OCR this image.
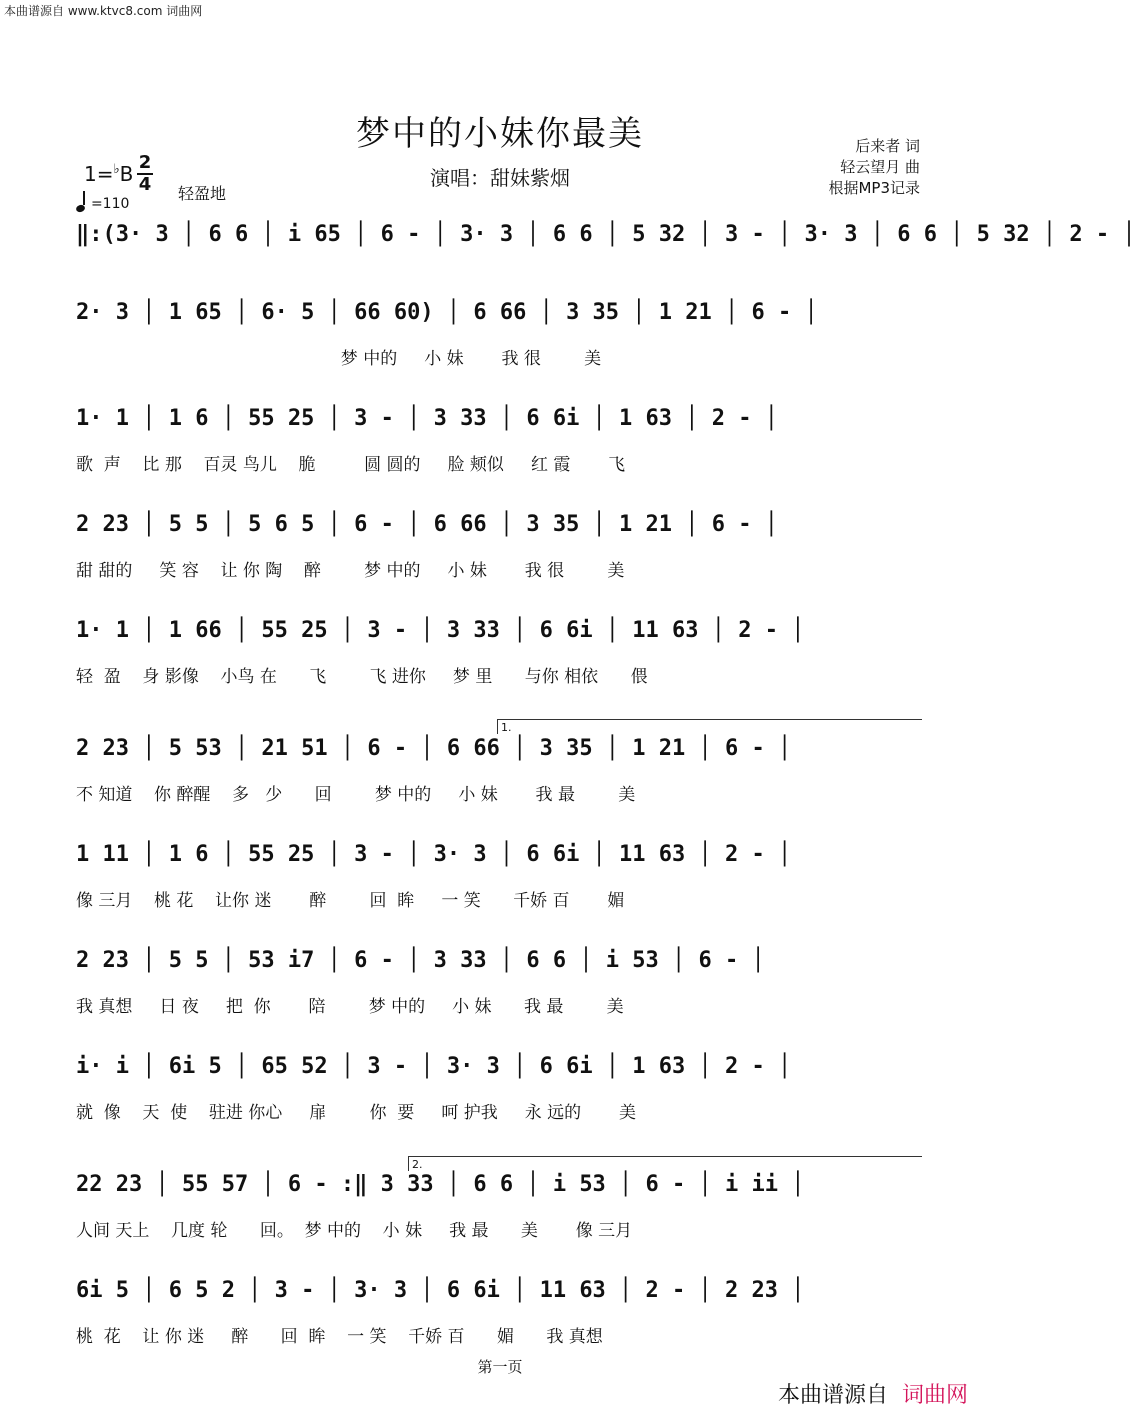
本曲谱源自 www.ktvc8.com 词曲网
梦中的小妹你最美
演唱：甜妹紫烟
后来者 词
轻云望月 曲
根据MP3记录
1=♭B 2
4 轻盈地
=110
‖:(3· 3 │ 6 6 │ i 65 │ 6 - │ 3· 3 │ 6 6 │ 5 32 │ 3 - │ 3· 3 │ 6 6 │ 5 32 │ 2 - │
2· 3 │ 1 65 │ 6· 5 │ 66 60) │ 6 66 │ 3 35 │ 1 21 │ 6 - │
梦 中的     小 妹       我 很        美
1· 1 │ 1 6 │ 55 25 │ 3 - │ 3 33 │ 6 6i │ 1 63 │ 2 - │
歌  声    比 那    百灵 鸟儿    脆         圆 圆的     脸 颊似     红 霞       飞
2 23 │ 5 5 │ 5 6 5 │ 6 - │ 6 66 │ 3 35 │ 1 21 │ 6 - │
甜 甜的     笑 容    让 你 陶    醉        梦 中的     小 妹       我 很        美
1· 1 │ 1 66 │ 55 25 │ 3 - │ 3 33 │ 6 6i │ 11 63 │ 2 - │
轻  盈    身 影像    小鸟 在      飞        飞 进你     梦 里      与你 相依      偎
1.
2 23 │ 5 53 │ 21 51 │ 6 - │ 6 66 │ 3 35 │ 1 21 │ 6 - │
不 知道    你 醉醒    多   少      回        梦 中的     小 妹       我 最        美
1 11 │ 1 6 │ 55 25 │ 3 - │ 3· 3 │ 6 6i │ 11 63 │ 2 - │
像 三月    桃 花    让你 迷       醉        回  眸     一 笑      千娇 百       媚
2 23 │ 5 5 │ 53 i7 │ 6 - │ 3 33 │ 6 6 │ i 53 │ 6 - │
我 真想     日 夜     把  你       陪        梦 中的     小 妹      我 最        美
i· i │ 6i 5 │ 65 52 │ 3 - │ 3· 3 │ 6 6i │ 1 63 │ 2 - │
就  像    天  使    驻进 你心     扉        你  要     呵 护我     永 远的       美
2.
22 23 │ 55 57 │ 6 - :‖ 3 33 │ 6 6 │ i 53 │ 6 - │ i ii │
人间 天上    几度 轮      回。  梦 中的    小 妹     我 最      美       像 三月
6i 5 │ 6 5 2 │ 3 - │ 3· 3 │ 6 6i │ 11 63 │ 2 - │ 2 23 │
桃  花    让 你 迷     醉      回  眸    一 笑    千娇 百      媚      我 真想
第一页
本曲谱源自 词曲网
